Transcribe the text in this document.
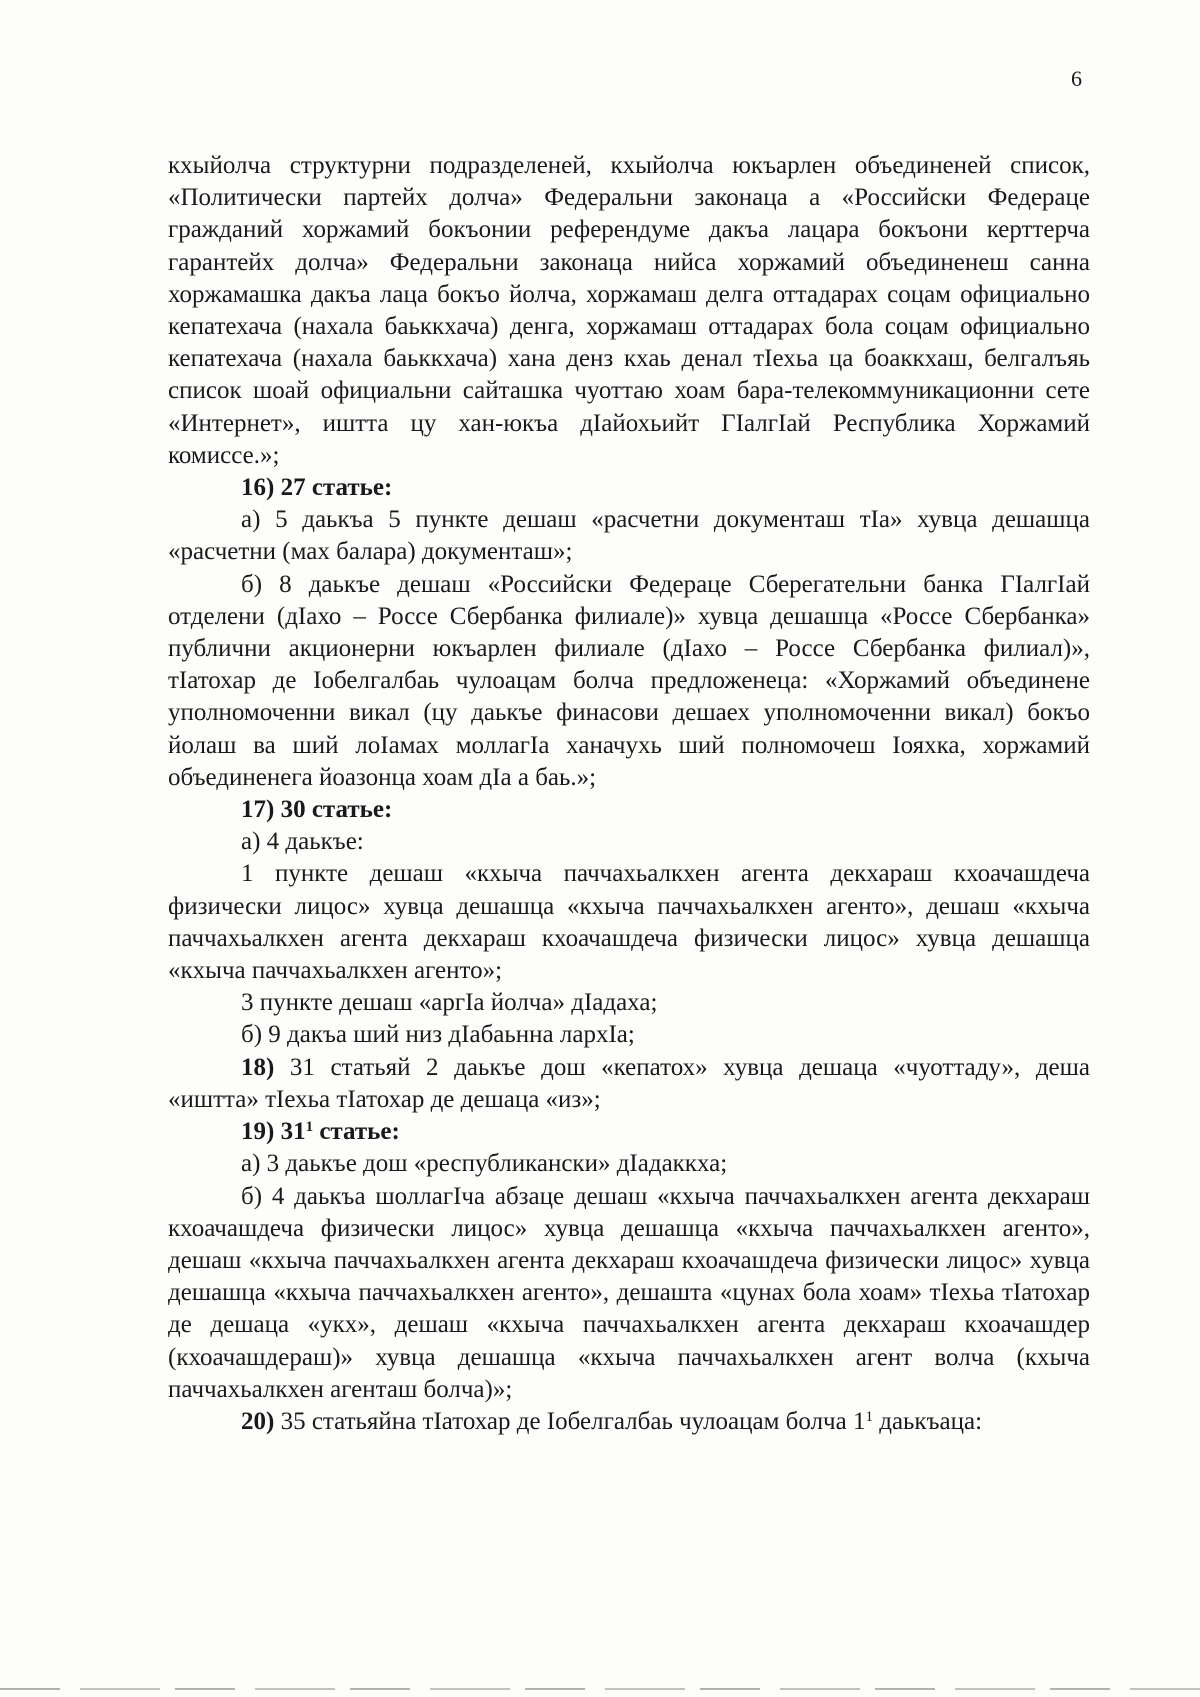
6

кхыйолча структурни подразделеней, кхыйолча юкъарлен объединеней список, «Политически партейх долча» Федеральни законаца а «Российски Федераце гражданий хоржамий бокъонии референдуме дакъа лацара бокъони керттерча гарантейх долча» Федеральни законаца нийса хоржамий объединенеш санна хоржамашка дакъа лаца бокъо йолча, хоржамаш делга оттадарах соцам официально кепатехача (нахала баьккхача) денга, хоржамаш оттадарах бола соцам официально кепатехача (нахала баьккхача) хана денз кхаь денал тIехьа ца боаккхаш, белгалъяь список шоай официальни сайташка чуоттаю хоам бара-телекоммуникационни сете «Интернет», иштта цу хан-юкъа дIайохьийт ГIалгIай Республика Хоржамий комиссе.»;

16) 27 статье:

а) 5 даькъа 5 пункте дешаш «расчетни документаш тIа» хувца дешашца «расчетни (мах балара) документаш»;

б) 8 даькъе дешаш «Российски Федераце Сберегательни банка ГIалгIай отделени (дIахо – Россе Сбербанка филиале)» хувца дешашца «Россе Сбербанка» публични акционерни юкъарлен филиале (дIахо – Россе Сбербанка филиал)», тIатохар де Iобелгалбаь чулоацам болча предложенеца: «Хоржамий объединене уполномоченни викал (цу даькъе финасови дешаех уполномоченни викал) бокъо йолаш ва ший лоIамах моллагIа ханачухь ший полномочеш Iояхка, хоржамий объединенега йоазонца хоам дIа а баь.»;

17) 30 статье:

а) 4 даькъе:

1 пункте дешаш «кхыча паччахьалкхен агента декхараш кхоачашдеча физически лицос» хувца дешашца «кхыча паччахьалкхен агенто», дешаш «кхыча паччахьалкхен агента декхараш кхоачашдеча физически лицос» хувца дешашца «кхыча паччахьалкхен агенто»;

3 пункте дешаш «аргIа йолча» дIадаха;

б) 9 дакъа ший низ дIабаьнна лархIа;

18) 31 статьяй 2 даькъе дош «кепатох» хувца дешаца «чуоттаду», деша «иштта» тIехьа тIатохар де дешаца «из»;

19) $31^1$ статье:

а) 3 даькъе дош «республикански» дIадаккха;

б) 4 даькъа шоллагIча абзаце дешаш «кхыча паччахьалкхен агента декхараш кхоачашдеча физически лицос» хувца дешашца «кхыча паччахьалкхен агенто», дешаш «кхыча паччахьалкхен агента декхараш кхоачашдеча физически лицос» хувца дешашца «кхыча паччахьалкхен агенто», дешашта «цунах бола хоам» тIехьа тIатохар де дешаца «укх», дешаш «кхыча паччахьалкхен агента декхараш кхоачашдер (кхоачашдераш)» хувца дешашца «кхыча паччахьалкхен агент волча (кхыча паччахьалкхен агенташ болча)»;

20) 35 статьяйна тIатохар де Iобелгалбаь чулоацам болча $1^1$ даькъаца:
